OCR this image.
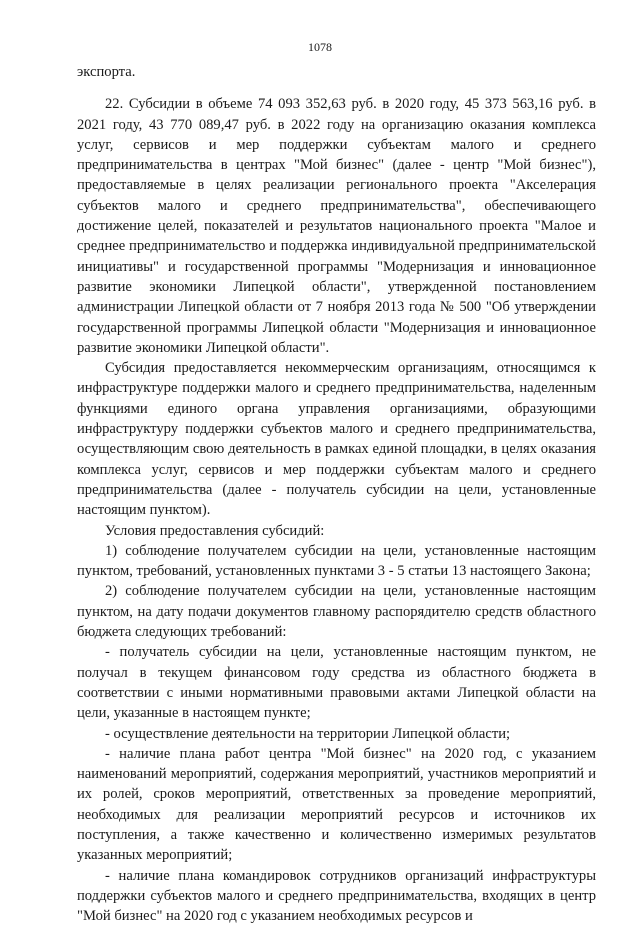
1078

экспорта.

22. Субсидии в объеме 74 093 352,63 руб. в 2020 году, 45 373 563,16 руб. в 2021 году, 43 770 089,47 руб. в 2022 году на организацию оказания комплекса услуг, сервисов и мер поддержки субъектам малого и среднего предпринимательства в центрах "Мой бизнес" (далее - центр "Мой бизнес"), предоставляемые в целях реализации регионального проекта "Акселерация субъектов малого и среднего предпринимательства", обеспечивающего достижение целей, показателей и результатов национального проекта "Малое и среднее предпринимательство и поддержка индивидуальной предпринимательской инициативы" и государственной программы "Модернизация и инновационное развитие экономики Липецкой области", утвержденной постановлением администрации Липецкой области от 7 ноября 2013 года № 500 "Об утверждении государственной программы Липецкой области "Модернизация и инновационное развитие экономики Липецкой области".

Субсидия предоставляется некоммерческим организациям, относящимся к инфраструктуре поддержки малого и среднего предпринимательства, наделенным функциями единого органа управления организациями, образующими инфраструктуру поддержки субъектов малого и среднего предпринимательства, осуществляющим свою деятельность в рамках единой площадки, в целях оказания комплекса услуг, сервисов и мер поддержки субъектам малого и среднего предпринимательства (далее - получатель субсидии на цели, установленные настоящим пунктом).

Условия предоставления субсидий:

1) соблюдение получателем субсидии на цели, установленные настоящим пунктом, требований, установленных пунктами 3 - 5 статьи 13 настоящего Закона;

2) соблюдение получателем субсидии на цели, установленные настоящим пунктом, на дату подачи документов главному распорядителю средств областного бюджета следующих требований:

- получатель субсидии на цели, установленные настоящим пунктом, не получал в текущем финансовом году средства из областного бюджета в соответствии с иными нормативными правовыми актами Липецкой области на цели, указанные в настоящем пункте;

- осуществление деятельности на территории Липецкой области;

- наличие плана работ центра "Мой бизнес" на 2020 год, с указанием наименований мероприятий, содержания мероприятий, участников мероприятий и их ролей, сроков мероприятий, ответственных за проведение мероприятий, необходимых для реализации мероприятий ресурсов и источников их поступления, а также качественно и количественно измеримых результатов указанных мероприятий;

- наличие плана командировок сотрудников организаций инфраструктуры поддержки субъектов малого и среднего предпринимательства, входящих в центр "Мой бизнес" на 2020 год с указанием необходимых ресурсов и
